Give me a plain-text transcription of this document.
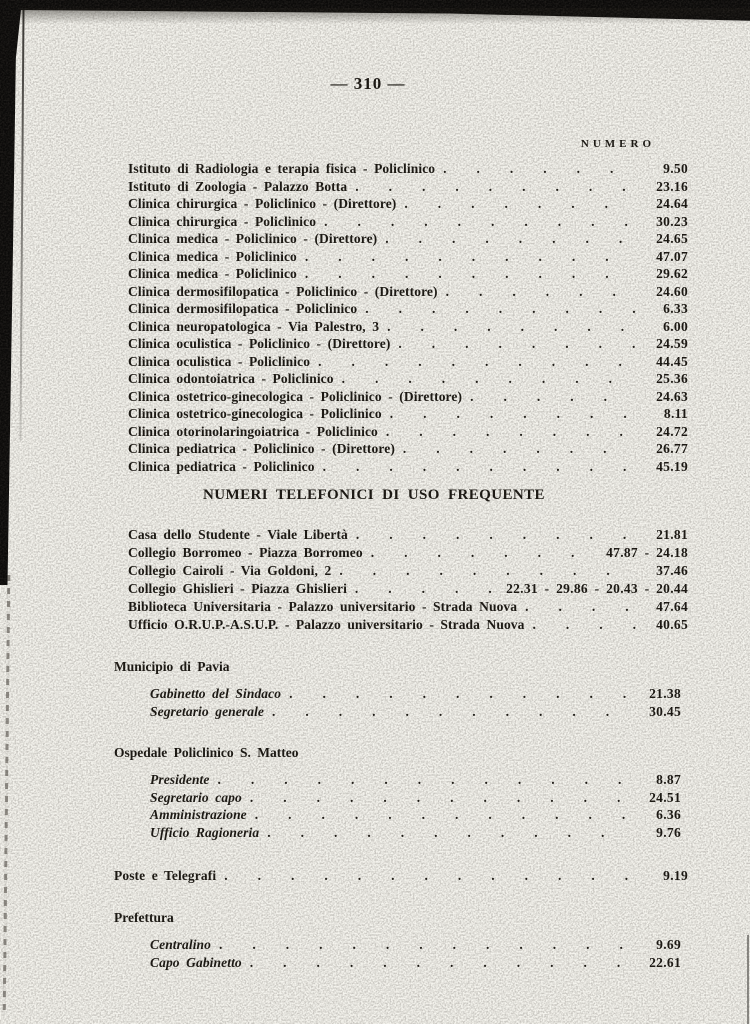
— 310 —
NUMERO
Istituto di Radiologia e terapia fisica - Policlinico .....	9.50
Istituto di Zoologia - Palazzo Botta .....	23.16
Clinica chirurgica - Policlinico - (Direttore) .....	24.64
Clinica chirurgica - Policlinico .....	30.23
Clinica medica - Policlinico - (Direttore) .....	24.65
Clinica medica - Policlinico .....	47.07
Clinica medica - Policlinico .....	29.62
Clinica dermosifilopatica - Policlinico - (Direttore) .....	24.60
Clinica dermosifilopatica - Policlinico .....	6.33
Clinica neuropatologica - Via Palestro, 3 .....	6.00
Clinica oculistica - Policlinico - (Direttore) .....	24.59
Clinica oculistica - Policlinico .....	44.45
Clinica odontoiatrica - Policlinico .....	25.36
Clinica ostetrico-ginecologica - Policlinico - (Direttore) .....	24.63
Clinica ostetrico-ginecologica - Policlinico .....	8.11
Clinica otorinolaringoiatrica - Policlinico .....	24.72
Clinica pediatrica - Policlinico - (Direttore) .....	26.77
Clinica pediatrica - Policlinico .....	45.19
NUMERI TELEFONICI DI USO FREQUENTE
Casa dello Studente - Viale Libertà .....	21.81
Collegio Borromeo - Piazza Borromeo .....	47.87 - 24.18
Collegio Cairoli - Via Goldoni, 2 .....	37.46
Collegio Ghislieri - Piazza Ghislieri .....	22.31 - 29.86 - 20.43 - 20.44
Biblioteca Universitaria - Palazzo universitario - Strada Nuova .....	47.64
Ufficio O.R.U.P.-A.S.U.P. - Palazzo universitario - Strada Nuova .....	40.65
Municipio di Pavia
Gabinetto del Sindaco .....	21.38
Segretario generale .....	30.45
Ospedale Policlinico S. Matteo
Presidente .....	8.87
Segretario capo .....	24.51
Amministrazione .....	6.36
Ufficio Ragioneria .....	9.76
Poste e Telegrafi .....	9.19
Prefettura
Centralino .....	9.69
Capo Gabinetto .....	22.61
